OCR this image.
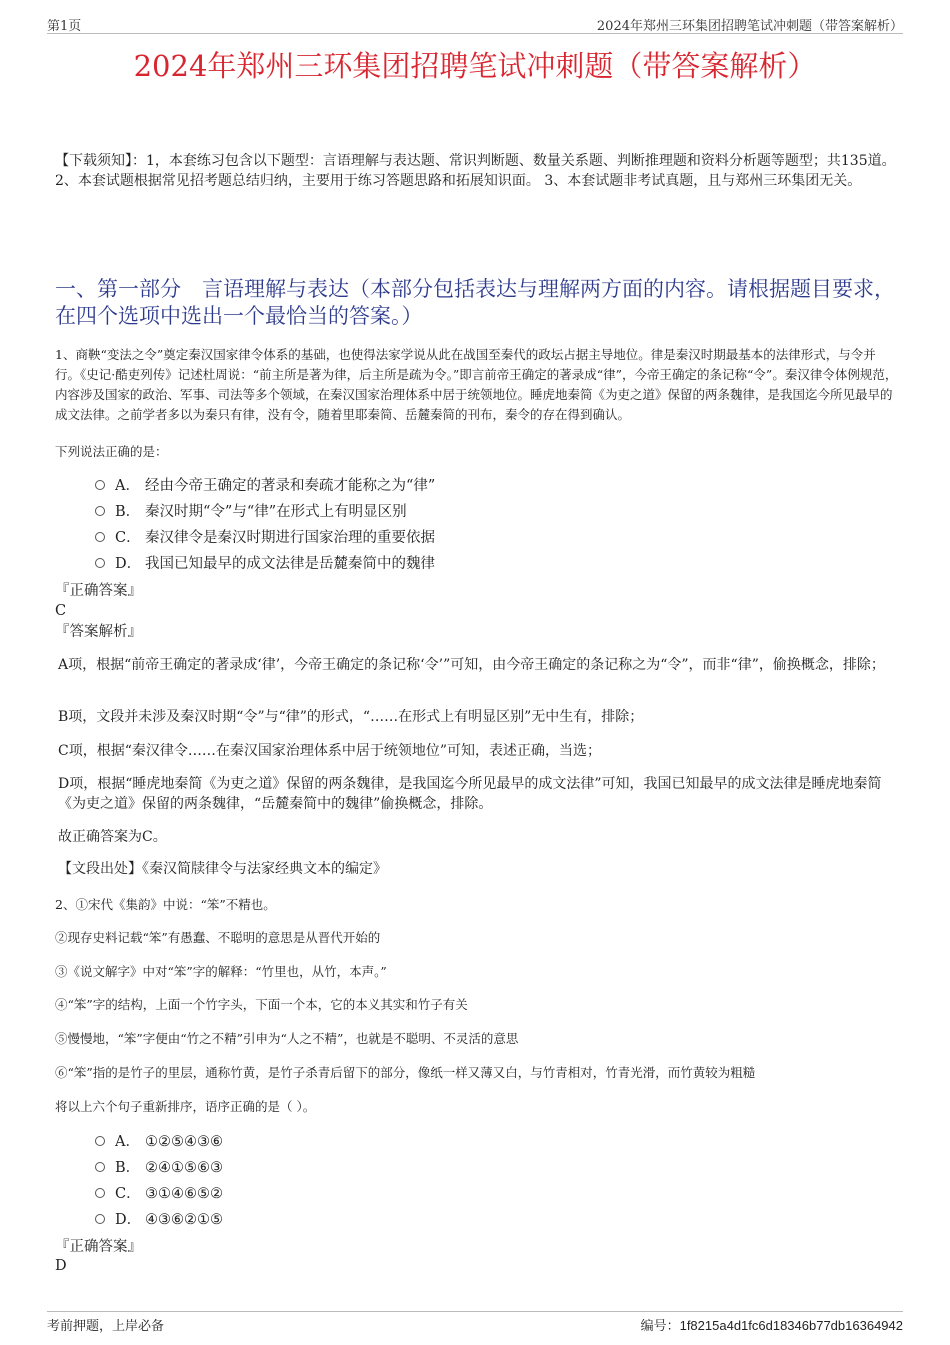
第1页	2024年郑州三环集团招聘笔试冲刺题（带答案解析）
2024年郑州三环集团招聘笔试冲刺题（带答案解析）
【下载须知】：1，本套练习包含以下题型：言语理解与表达题、常识判断题、数量关系题、判断推理题和资料分析题等题型；共135道。 2、本套试题根据常见招考题总结归纳，主要用于练习答题思路和拓展知识面。 3、本套试题非考试真题，且与郑州三环集团无关。
一、第一部分　言语理解与表达（本部分包括表达与理解两方面的内容。请根据题目要求，在四个选项中选出一个最恰当的答案。）
1、商鞅“变法之令”奠定秦汉国家律令体系的基础，也使得法家学说从此在战国至秦代的政坛占据主导地位。律是秦汉时期最基本的法律形式，与令并行。《史记·酷吏列传》记述杜周说：“前主所是著为律，后主所是疏为令。”即言前帝王确定的著录成“律”，今帝王确定的条记称“令”。秦汉律令体例规范，内容涉及国家的政治、军事、司法等多个领域，在秦汉国家治理体系中居于统领地位。睡虎地秦简《为吏之道》保留的两条魏律，是我国迄今所见最早的成文法律。之前学者多以为秦只有律，没有令，随着里耶秦简、岳麓秦简的刊布，秦令的存在得到确认。
下列说法正确的是：
A． 经由今帝王确定的著录和奏疏才能称之为“律”
B． 秦汉时期“令”与“律”在形式上有明显区别
C． 秦汉律令是秦汉时期进行国家治理的重要依据
D． 我国已知最早的成文法律是岳麓秦简中的魏律
『正确答案』
C
『答案解析』
A项，根据“前帝王确定的著录成‘律’，今帝王确定的条记称‘令’”可知，由今帝王确定的条记称之为“令”，而非“律”，偷换概念，排除；
B项，文段并未涉及秦汉时期“令”与“律”的形式，“……在形式上有明显区别”无中生有，排除；
C项，根据“秦汉律令……在秦汉国家治理体系中居于统领地位”可知，表述正确，当选；
D项，根据“睡虎地秦简《为吏之道》保留的两条魏律，是我国迄今所见最早的成文法律”可知，我国已知最早的成文法律是睡虎地秦简《为吏之道》保留的两条魏律，“岳麓秦简中的魏律”偷换概念，排除。
故正确答案为C。
【文段出处】《秦汉简牍律令与法家经典文本的编定》
2、①宋代《集韵》中说：“笨”不精也。
②现存史料记载“笨”有愚蠢、不聪明的意思是从晋代开始的
③《说文解字》中对“笨”字的解释：“竹里也，从竹，本声。”
④“笨”字的结构，上面一个竹字头，下面一个本，它的本义其实和竹子有关
⑤慢慢地，“笨”字便由“竹之不精”引申为“人之不精”，也就是不聪明、不灵活的意思
⑥“笨”指的是竹子的里层，通称竹黄，是竹子杀青后留下的部分，像纸一样又薄又白，与竹青相对，竹青光滑，而竹黄较为粗糙
将以上六个句子重新排序，语序正确的是（ ）。
A． ①②⑤④③⑥
B． ②④①⑤⑥③
C． ③①④⑥⑤②
D． ④③⑥②①⑤
『正确答案』
D
考前押题，上岸必备	编号：1f8215a4d1fc6d18346b77db16364942
